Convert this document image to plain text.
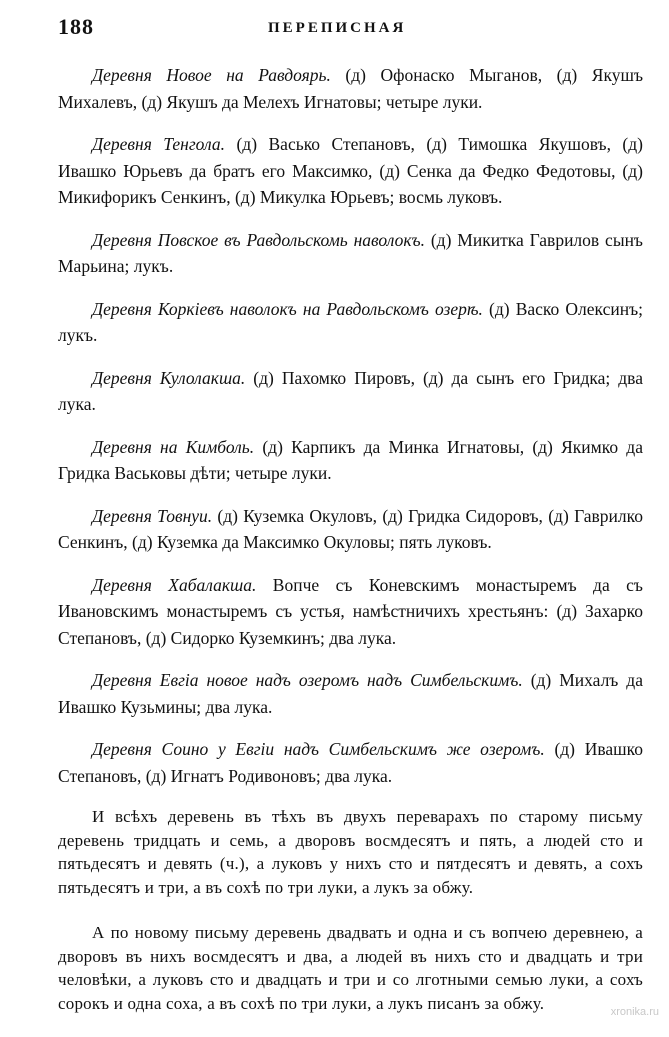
188	ПЕРЕПИСНАЯ

Деревня Новое на Равдоярь. (д) Офонаско Мыганов, (д) Якушъ Михалевъ, (д) Якушъ да Мелехъ Игнатовы; четыре луки.

Деревня Тенгола. (д) Васько Степановъ, (д) Тимошка Якушовъ, (д) Ивашко Юрьевъ да братъ его Максимко, (д) Сенка да Федко Федотовы, (д) Микифорикъ Сенкинъ, (д) Микулка Юрьевъ; восмь луковъ.

Деревня Повское въ Равдольскомь наволокъ. (д) Микитка Гаврилов сынъ Марьина; лукъ.

Деревня Коркіевъ наволокъ на Равдольскомъ озерѣ. (д) Васко Олексинъ; лукъ.

Деревня Кулолакша. (д) Пахомко Пировъ, (д) да сынъ его Гридка; два лука.

Деревня на Кимболь. (д) Карпикъ да Минка Игнатовы, (д) Якимко да Гридка Васьковы дѣти; четыре луки.

Деревня Товнуи. (д) Куземка Окуловъ, (д) Гридка Сидоровъ, (д) Гаврилко Сенкинъ, (д) Куземка да Максимко Окуловы; пять луковъ.

Деревня Хабалакша. Вопче съ Коневскимъ монастыремъ да съ Ивановскимъ монастыремъ съ устья, намѣстничихъ хрестьянъ: (д) Захарко Степановъ, (д) Сидорко Куземкинъ; два лука.

Деревня Евгіа новое надъ озеромъ надъ Симбельскимъ. (д) Михалъ да Ивашко Кузьмины; два лука.

Деревня Соино у Евгіи надъ Симбельскимъ же озеромъ. (д) Ивашко Степановъ, (д) Игнатъ Родивоновъ; два лука.

И всѣхъ деревень въ тѣхъ въ двухъ переварахъ по старому письму деревень тридцать и семь, а дворовъ восмдесятъ и пять, а людей сто и пятьдесятъ и девять (ч.), а луковъ у нихъ сто и пятдесятъ и девять, а сохъ пятьдесятъ и три, а въ сохѣ по три луки, а лукъ за обжу.

А по новому письму деревень двадвать и одна и съ вопчею деревнею, а дворовъ въ нихъ восмдесятъ и два, а людей въ нихъ сто и двадцать и три человѣки, а луковъ сто и двадцать и три и со лготными семью луки, а сохъ сорокъ и одна соха, а въ сохѣ по три луки, а лукъ писанъ за обжу.	xronika.ru
